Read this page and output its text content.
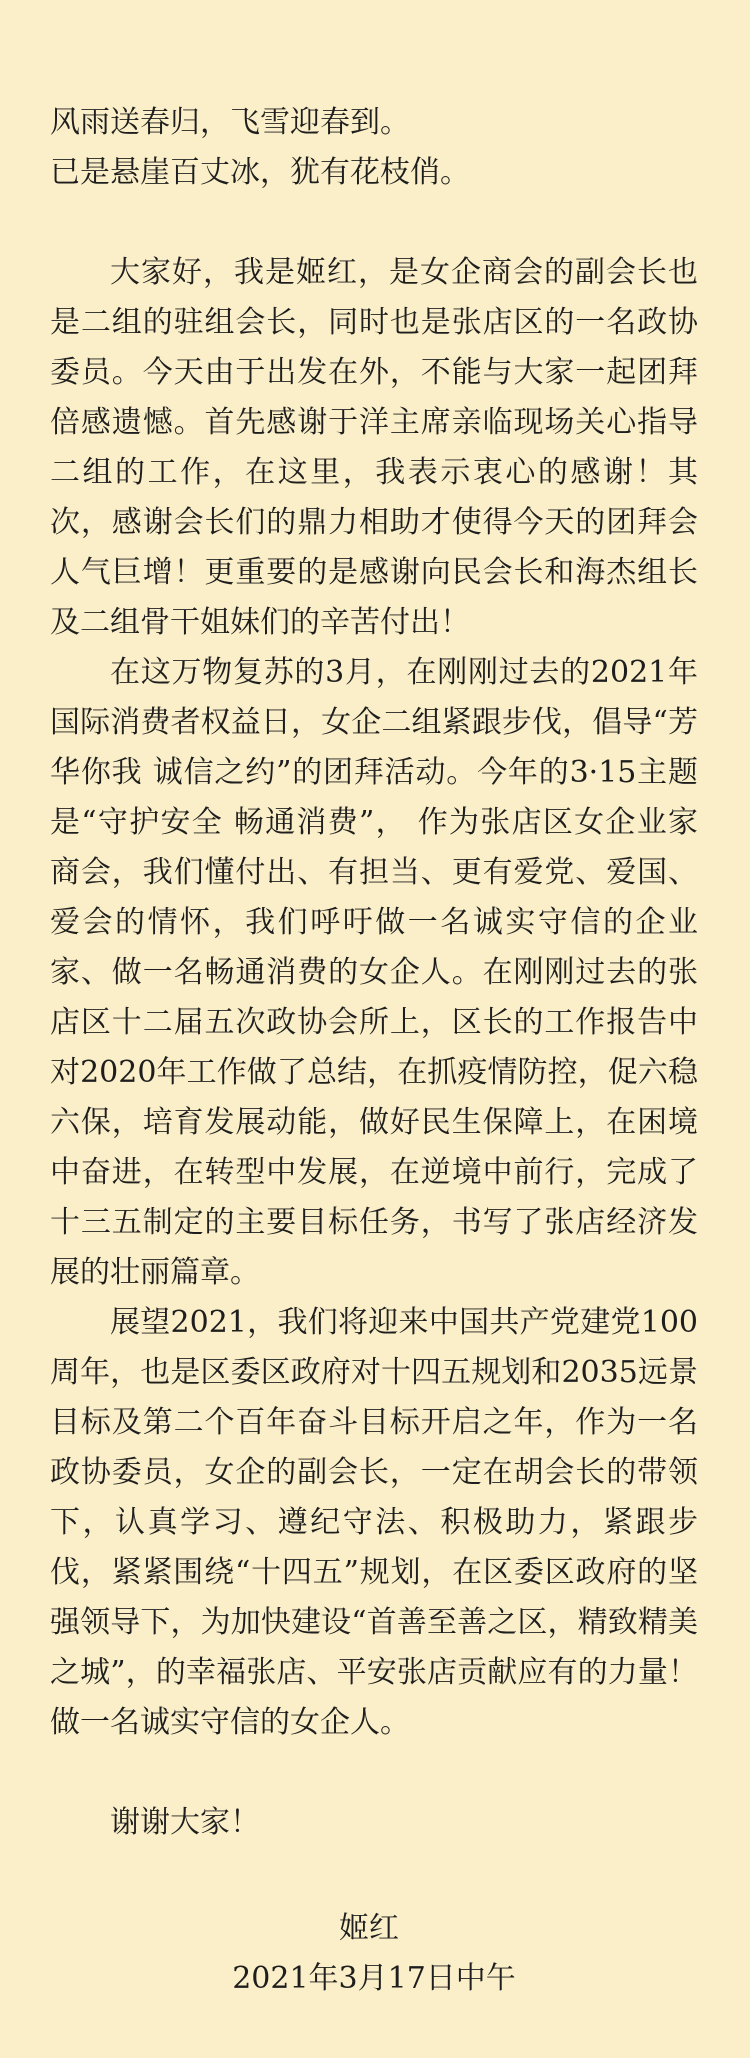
风雨送春归，飞雪迎春到。

已是悬崖百丈冰，犹有花枝俏。

大家好，我是姬红，是女企商会的副会长也是二组的驻组会长，同时也是张店区的一名政协委员。今天由于出发在外，不能与大家一起团拜倍感遗憾。首先感谢于洋主席亲临现场关心指导二组的工作，在这里，我表示衷心的感谢！其次，感谢会长们的鼎力相助才使得今天的团拜会人气巨增！更重要的是感谢向民会长和海杰组长及二组骨干姐妹们的辛苦付出！

在这万物复苏的3月，在刚刚过去的2021年国际消费者权益日，女企二组紧跟步伐，倡导“芳华你我 诚信之约”的团拜活动。今年的3·15主题是“守护安全 畅通消费”， 作为张店区女企业家商会，我们懂付出、有担当、更有爱党、爱国、爱会的情怀，我们呼吁做一名诚实守信的企业家、做一名畅通消费的女企人。在刚刚过去的张店区十二届五次政协会所上，区长的工作报告中对2020年工作做了总结，在抓疫情防控，促六稳六保，培育发展动能，做好民生保障上，在困境中奋进，在转型中发展，在逆境中前行，完成了十三五制定的主要目标任务，书写了张店经济发展的壮丽篇章。

展望2021，我们将迎来中国共产党建党100周年，也是区委区政府对十四五规划和2035远景目标及第二个百年奋斗目标开启之年，作为一名政协委员，女企的副会长，一定在胡会长的带领下，认真学习、遵纪守法、积极助力，紧跟步伐，紧紧围绕“十四五”规划，在区委区政府的坚强领导下，为加快建设“首善至善之区，精致精美之城”，的幸福张店、平安张店贡献应有的力量！做一名诚实守信的女企人。

谢谢大家！

姬红

2021年3月17日中午
